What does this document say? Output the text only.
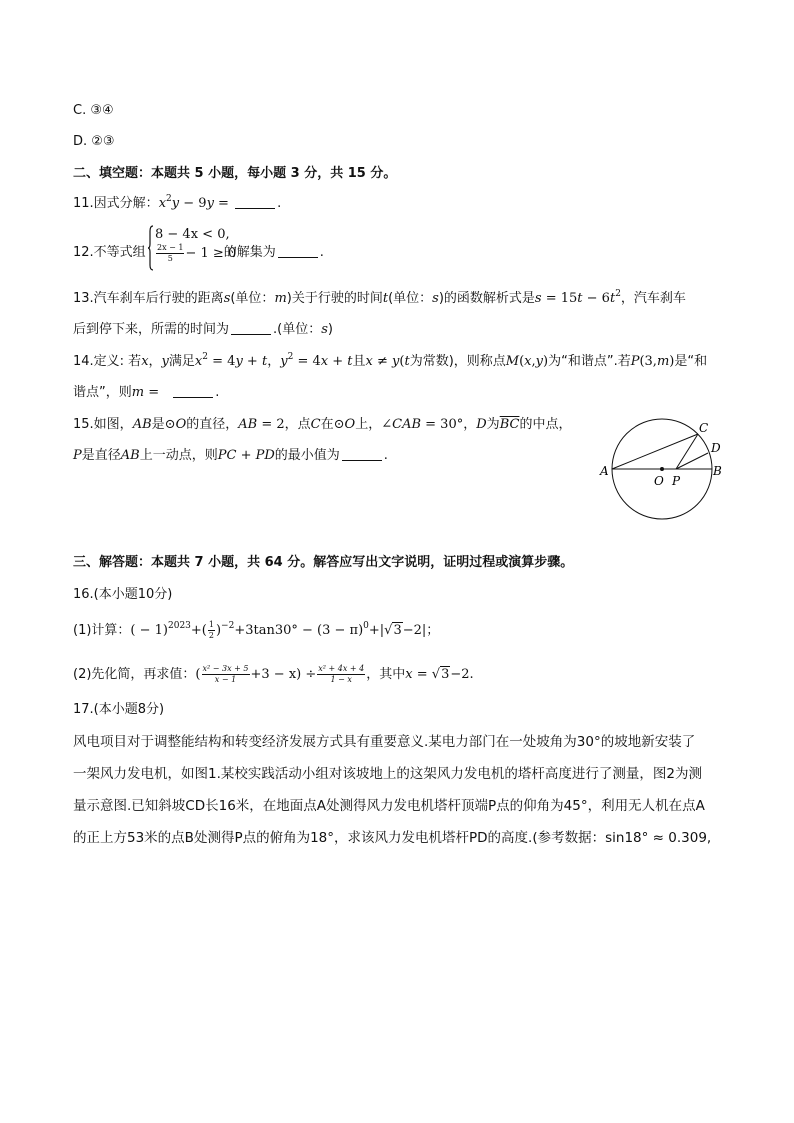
C. ③④
D. ②③
二、填空题：本题共 5 小题，每小题 3 分，共 15 分。
11.因式分解：$x^2y - 9y$ =	.
12.不等式组	的解集为	.
8 − 4x < 0,
$\frac{2x - 1}{5} - 1 \ge 0$
13.汽车刹车后行驶的距离s(单位：m)关于行驶的时间t(单位：s)的函数解析式是$s = 15t - 6t^2$，汽车刹车
后到停下来，所需的时间为	.(单位：s)
14.定义: 若x，y满足$x^2 = 4y + t$，$y^2 = 4x + t$且x ≠ y(t为常数)，则称点M(x,y)为“和谐点”.若P(3,m)是“和
谐点”，则m =	.
15.如图，AB是⊙O的直径，AB = 2，点C在⊙O上，∠CAB = 30°，D为$\overline{BC}$的中点，
P是直径AB上一动点，则PC + PD的最小值为	.
A	B
C
D
O P
三、解答题：本题共 7 小题，共 64 分。解答应写出文字说明，证明过程或演算步骤。
16.(本小题10分)
(1)计算：( − $1)^{2023}+( \frac{1}{2} )^{-2}+3\tan 30^\circ - (3 - \pi)^0+|√3-2|$；
(2)先化简，再求值：( $\frac{\text{x² − 3x + 5}}{x - 1} +3 - x) \div \frac{\text{x² + 4x + 4}}{1 - x}$ ，其中x = √3−2.
17.(本小题8分)
风电项目对于调整能结构和转变经济发展方式具有重要意义.某电力部门在一处坡角为30°的坡地新安装了
一架风力发电机，如图1.某校实践活动小组对该坡地上的这架风力发电机的塔杆高度进行了测量，图2为测
量示意图.已知斜坡CD长16米，在地面点A处测得风力发电机塔杆顶端P点的仰角为45°，利用无人机在点A
的正上方53米的点B处测得P点的俯角为18°，求该风力发电机塔杆PD的高度.(参考数据：sin18° ≈ 0.309,
